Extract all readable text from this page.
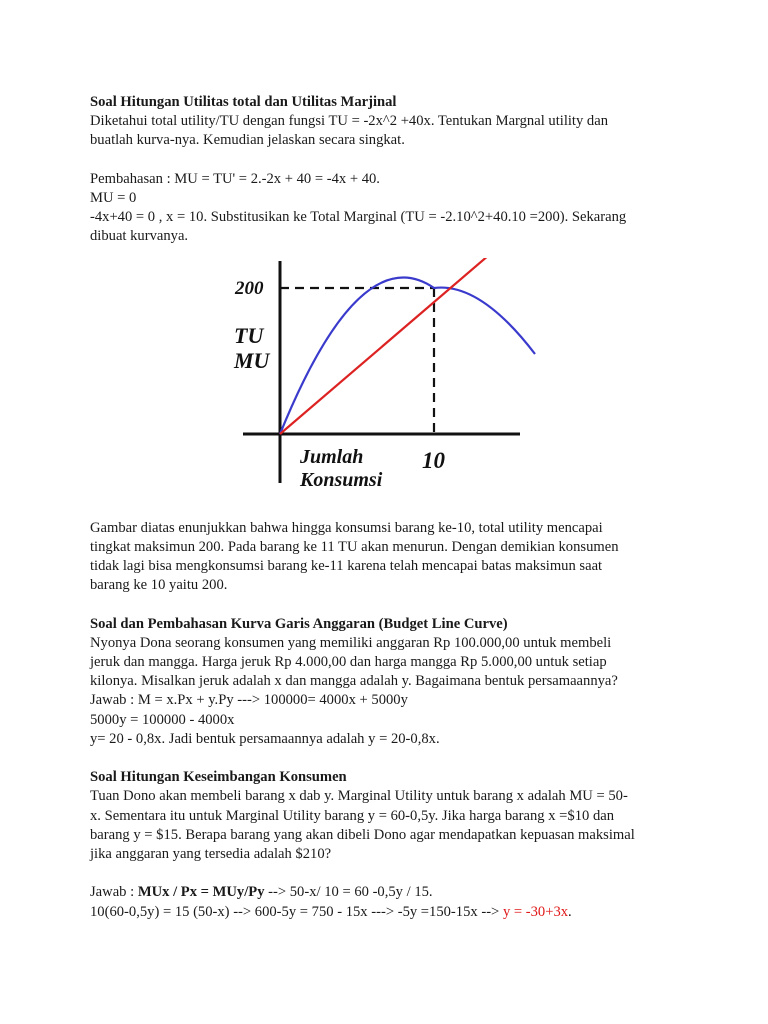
Soal Hitungan Utilitas total dan Utilitas Marjinal
Diketahui total utility/TU dengan fungsi TU = -2x^2 +40x. Tentukan Margnal utility dan
buatlah kurva-nya. Kemudian jelaskan secara singkat.
Pembahasan : MU = TU' = 2.-2x + 40 = -4x + 40.
MU = 0
-4x+40 = 0 , x = 10. Substitusikan ke Total Marginal (TU = -2.10^2+40.10 =200). Sekarang
dibuat kurvanya.
Gambar diatas enunjukkan bahwa hingga konsumsi barang ke-10, total utility mencapai
tingkat maksimun 200. Pada barang ke 11 TU akan menurun. Dengan demikian konsumen
tidak lagi bisa mengkonsumsi barang ke-11 karena telah mencapai batas maksimun saat
barang ke 10 yaitu 200.
Soal dan Pembahasan Kurva Garis Anggaran (Budget Line Curve)
Nyonya Dona seorang konsumen yang memiliki anggaran Rp 100.000,00 untuk membeli
jeruk dan mangga. Harga jeruk Rp 4.000,00 dan harga mangga Rp 5.000,00 untuk setiap
kilonya. Misalkan jeruk adalah x dan mangga adalah y. Bagaimana bentuk persamaannya?
Jawab : M = x.Px + y.Py ---> 100000= 4000x + 5000y
5000y = 100000 - 4000x
y= 20 - 0,8x. Jadi bentuk persamaannya adalah y = 20-0,8x.
Soal Hitungan Keseimbangan Konsumen
Tuan Dono akan membeli barang x dab y. Marginal Utility untuk barang x adalah MU = 50-
x. Sementara itu untuk Marginal Utility barang y = 60-0,5y. Jika harga barang x =$10 dan
barang y = $15. Berapa barang yang akan dibeli Dono agar mendapatkan kepuasan maksimal
jika anggaran yang tersedia adalah $210?
Jawab : MUx / Px = MUy/Py --> 50-x/ 10 = 60 -0,5y / 15.
10(60-0,5y) = 15 (50-x) --> 600-5y = 750 - 15x ---> -5y =150-15x --> y = -30+3x.
200
TU
MU
Jumlah
Konsumsi
10
